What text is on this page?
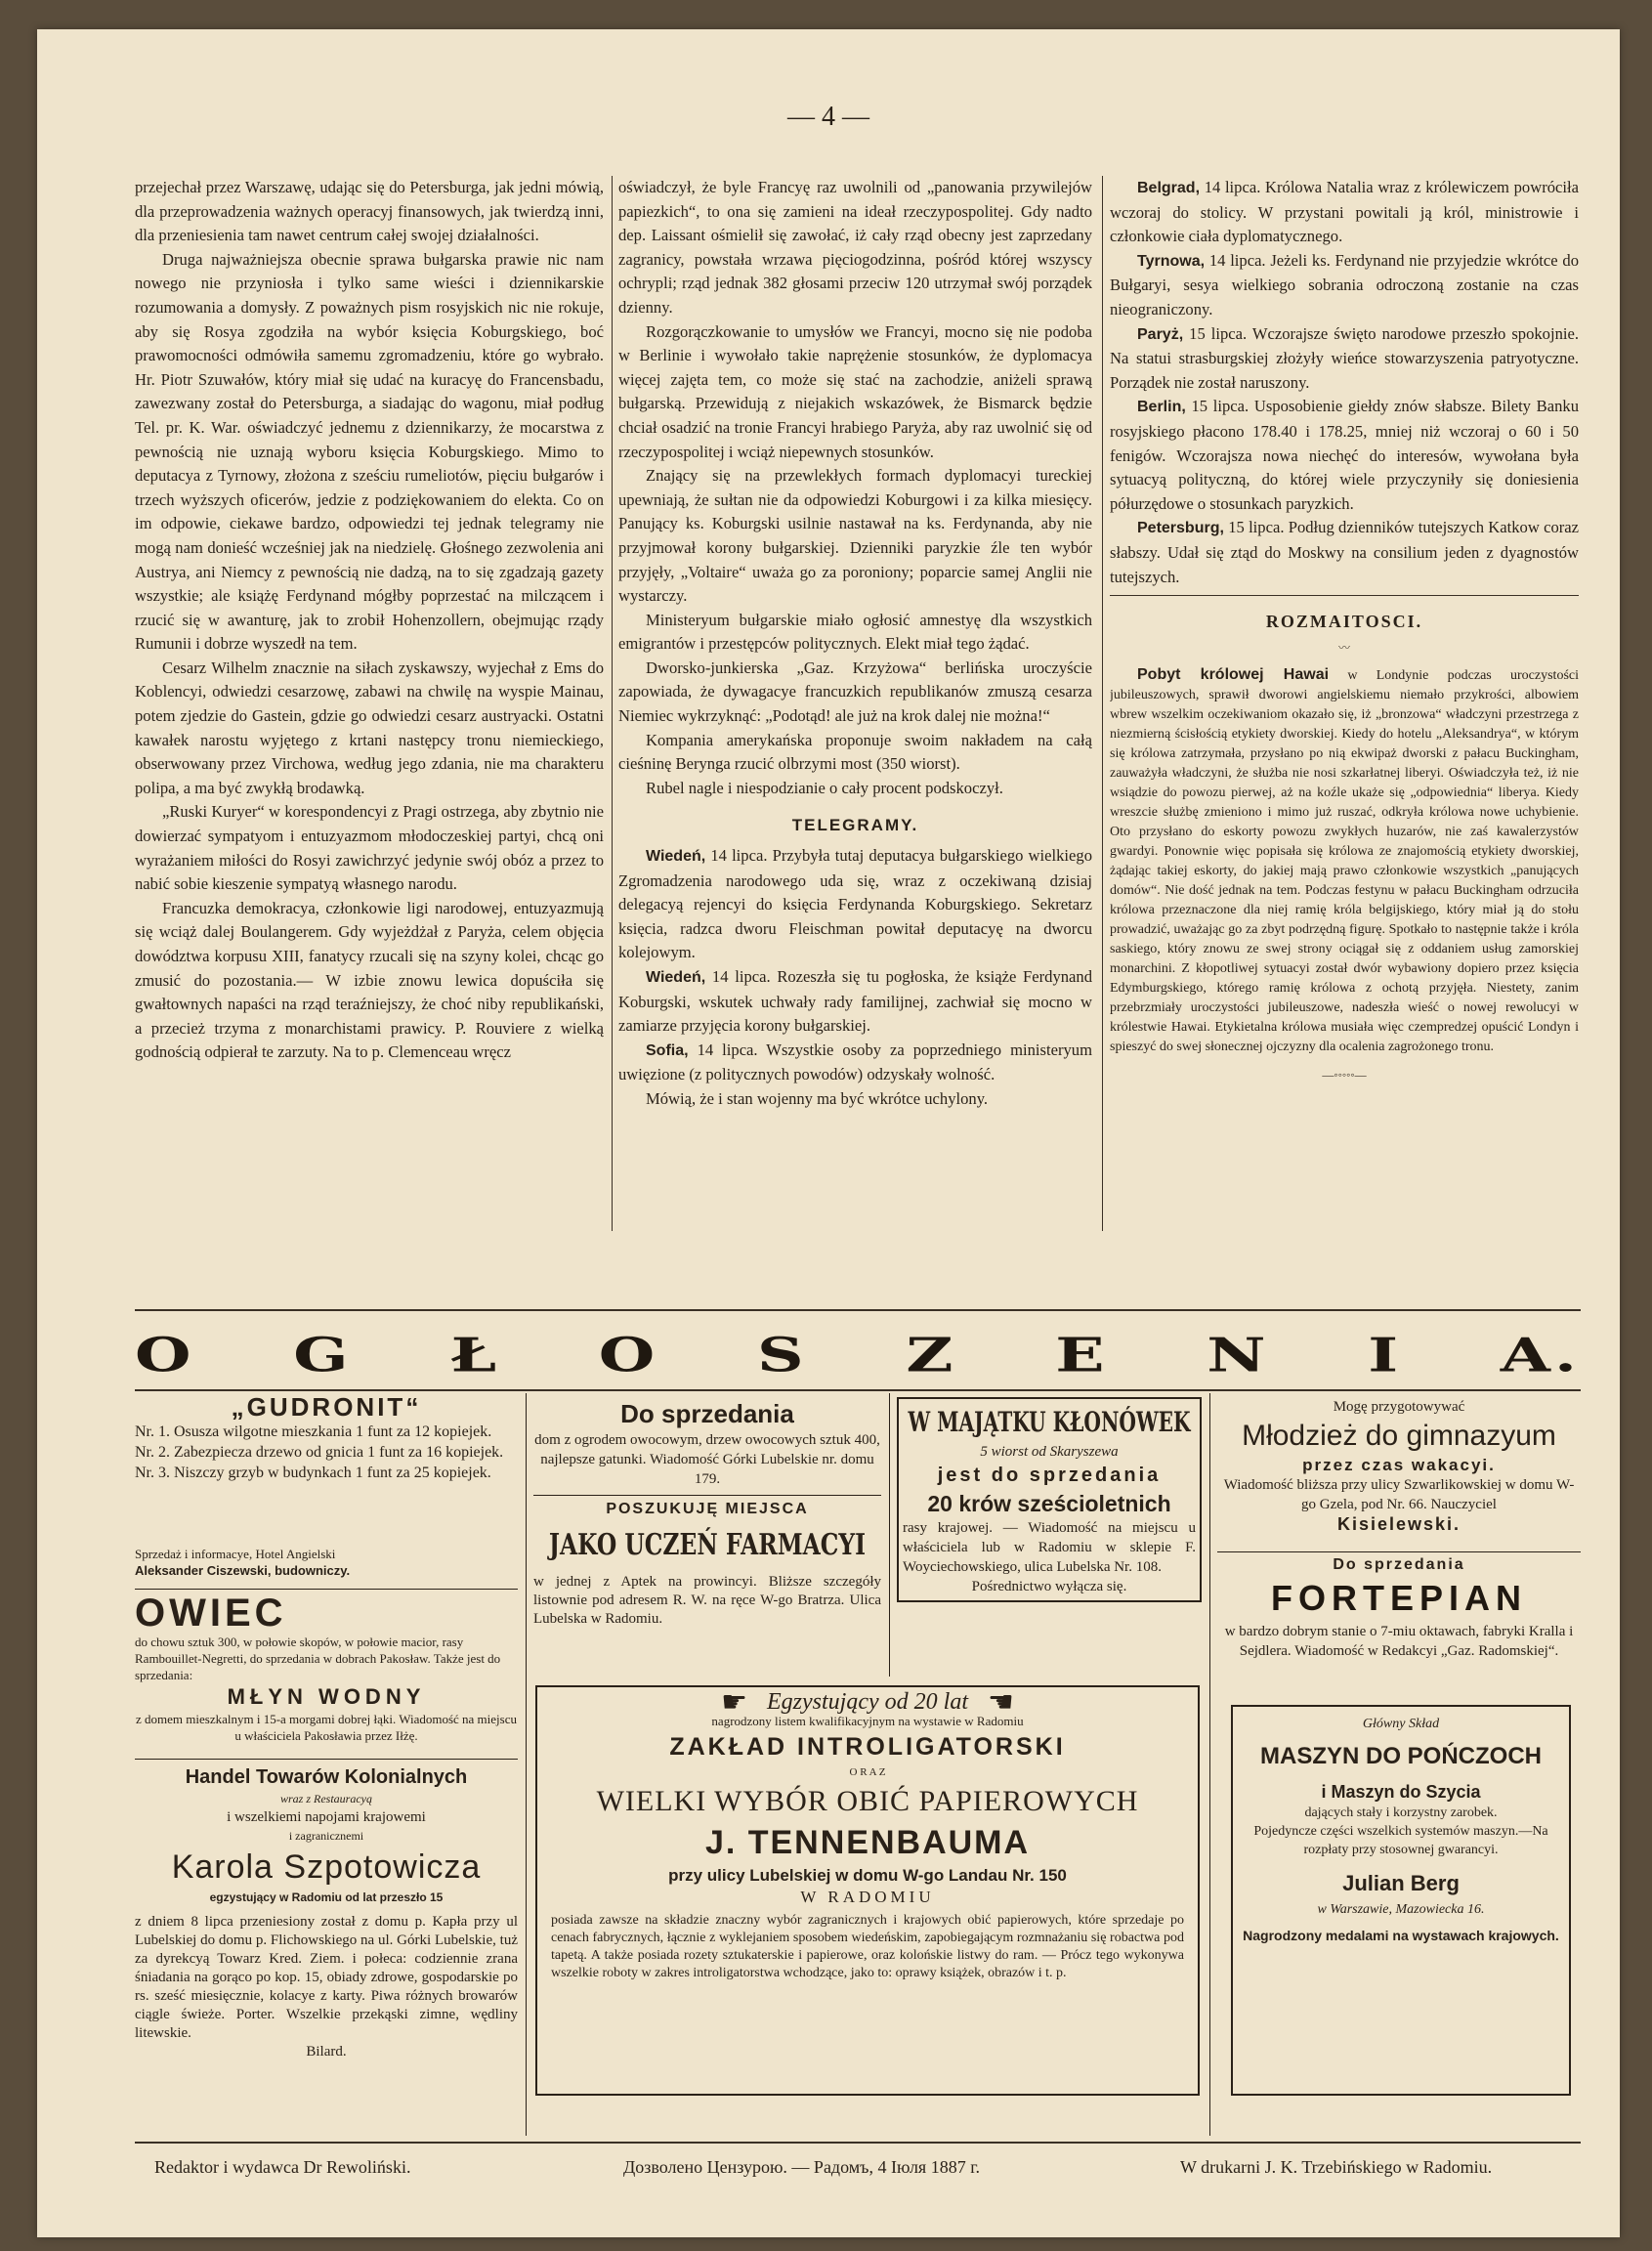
— 4 —

przejechał przez Warszawę, udając się do Petersburga, jak jedni mówią, dla przeprowadzenia ważnych operacyj finansowych, jak twierdzą inni, dla przeniesienia tam nawet centrum całej swojej działalności.

Druga najważniejsza obecnie sprawa bułgarska prawie nic nam nowego nie przyniosła i tylko same wieści i dziennikarskie rozumowania a domysły. Z poważnych pism rosyjskich nic nie rokuje, aby się Rosya zgodziła na wybór księcia Koburgskiego, boć prawomocności odmówiła samemu zgromadzeniu, które go wybrało. Hr. Piotr Szuwałów, który miał się udać na kuracyę do Francensbadu, zawezwany został do Petersburga, a siadając do wagonu, miał podług Tel. pr. K. War. oświadczyć jednemu z dziennikarzy, że mocarstwa z pewnością nie uznają wyboru księcia Koburgskiego. Mimo to deputacya z Tyrnowy, złożona z sześciu rumeliotów, pięciu bułgarów i trzech wyższych oficerów, jedzie z podziękowaniem do elekta. Co on im odpowie, ciekawe bardzo, odpowiedzi tej jednak telegramy nie mogą nam donieść wcześniej jak na niedzielę. Głośnego zezwolenia ani Austrya, ani Niemcy z pewnością nie dadzą, na to się zgadzają gazety wszystkie; ale książę Ferdynand mógłby poprzestać na milczącem i rzucić się w awanturę, jak to zrobił Hohenzollern, obejmując rządy Rumunii i dobrze wyszedł na tem.

Cesarz Wilhelm znacznie na siłach zyskawszy, wyjechał z Ems do Koblencyi, odwiedzi cesarzowę, zabawi na chwilę na wyspie Mainau, potem zjedzie do Gastein, gdzie go odwiedzi cesarz austryacki. Ostatni kawałek narostu wyjętego z krtani następcy tronu niemieckiego, obserwowany przez Virchowa, według jego zdania, nie ma charakteru polipa, a ma być zwykłą brodawką.

„Ruski Kuryer“ w korespondencyi z Pragi ostrzega, aby zbytnio nie dowierzać sympatyom i entuzyazmom młodoczeskiej partyi, chcą oni wyrażaniem miłości do Rosyi zawichrzyć jedynie swój obóz a przez to nabić sobie kieszenie sympatyą własnego narodu.

Francuzka demokracya, członkowie ligi narodowej, entuzyazmują się wciąż dalej Boulangerem. Gdy wyjeżdżał z Paryża, celem objęcia dowództwa korpusu XIII, fanatycy rzucali się na szyny kolei, chcąc go zmusić do pozostania.— W izbie znowu lewica dopuściła się gwałtownych napaści na rząd teraźniejszy, że choć niby republikański, a przecież trzyma z monarchistami prawicy. P. Rouviere z wielką godnością odpierał te zarzuty. Na to p. Clemenceau wręcz

oświadczył, że byle Francyę raz uwolnili od „panowania przywilejów papiezkich“, to ona się zamieni na ideał rzeczypospolitej. Gdy nadto dep. Laissant ośmielił się zawołać, iż cały rząd obecny jest zaprzedany zagranicy, powstała wrzawa pięciogodzinna, pośród której wszyscy ochrypli; rząd jednak 382 głosami przeciw 120 utrzymał swój porządek dzienny.

Rozgorączkowanie to umysłów we Francyi, mocno się nie podoba w Berlinie i wywołało takie naprężenie stosunków, że dyplomacya więcej zajęta tem, co może się stać na zachodzie, aniżeli sprawą bułgarską. Przewidują z niejakich wskazówek, że Bismarck będzie chciał osadzić na tronie Francyi hrabiego Paryża, aby raz uwolnić się od rzeczypospolitej i wciąż niepewnych stosunków.

Znający się na przewlekłych formach dyplomacyi tureckiej upewniają, że sułtan nie da odpowiedzi Koburgowi i za kilka miesięcy. Panujący ks. Koburgski usilnie nastawał na ks. Ferdynanda, aby nie przyjmował korony bułgarskiej. Dzienniki paryzkie źle ten wybór przyjęły, „Voltaire“ uważa go za poroniony; poparcie samej Anglii nie wystarczy.

Ministeryum bułgarskie miało ogłosić amnestyę dla wszystkich emigrantów i przestępców politycznych. Elekt miał tego żądać.

Dworsko-junkierska „Gaz. Krzyżowa“ berlińska uroczyście zapowiada, że dywagacye francuzkich republikanów zmuszą cesarza Niemiec wykrzyknąć: „Podotąd! ale już na krok dalej nie można!“

Kompania amerykańska proponuje swoim nakładem na całą cieśninę Berynga rzucić olbrzymi most (350 wiorst).

Rubel nagle i niespodzianie o cały procent podskoczył.

TELEGRAMY.

Wiedeń, 14 lipca. Przybyła tutaj deputacya bułgarskiego wielkiego Zgromadzenia narodowego uda się, wraz z oczekiwaną dzisiaj delegacyą rejencyi do księcia Ferdynanda Koburgskiego. Sekretarz księcia, radzca dworu Fleischman powitał deputacyę na dworcu kolejowym.

Wiedeń, 14 lipca. Rozeszła się tu pogłoska, że książe Ferdynand Koburgski, wskutek uchwały rady familijnej, zachwiał się mocno w zamiarze przyjęcia korony bułgarskiej.

Sofia, 14 lipca. Wszystkie osoby za poprzedniego ministeryum uwięzione (z politycznych powodów) odzyskały wolność.

Mówią, że i stan wojenny ma być wkrótce uchylony.

Belgrad, 14 lipca. Królowa Natalia wraz z królewiczem powróciła wczoraj do stolicy. W przystani powitali ją król, ministrowie i członkowie ciała dyplomatycznego.

Tyrnowa, 14 lipca. Jeżeli ks. Ferdynand nie przyjedzie wkrótce do Bułgaryi, sesya wielkiego sobrania odroczoną zostanie na czas nieograniczony.

Paryż, 15 lipca. Wczorajsze święto narodowe przeszło spokojnie. Na statui strasburgskiej złożyły wieńce stowarzyszenia patryotyczne. Porządek nie został naruszony.

Berlin, 15 lipca. Usposobienie giełdy znów słabsze. Bilety Banku rosyjskiego płacono 178.40 i 178.25, mniej niż wczoraj o 60 i 50 fenigów. Wczorajsza nowa niechęć do interesów, wywołana była sytuacyą polityczną, do której wiele przyczyniły się doniesienia półurzędowe o stosunkach paryzkich.

Petersburg, 15 lipca. Podług dzienników tutejszych Katkow coraz słabszy. Udał się ztąd do Moskwy na consilium jeden z dyagnostów tutejszych.

ROZMAITOSCI.

〰

Pobyt królowej Hawai w Londynie podczas uroczystości jubileuszowych, sprawił dworowi angielskiemu niemało przykrości, albowiem wbrew wszelkim oczekiwaniom okazało się, iż „bronzowa“ władczyni przestrzega z niezmierną ścisłością etykiety dworskiej. Kiedy do hotelu „Aleksandrya“, w którym się królowa zatrzymała, przysłano po nią ekwipaż dworski z pałacu Buckingham, zauważyła władczyni, że służba nie nosi szkarłatnej liberyi. Oświadczyła też, iż nie wsiądzie do powozu pierwej, aż na koźle ukaże się „odpowiednia“ liberya. Kiedy wreszcie służbę zmieniono i mimo już ruszać, odkryła królowa nowe uchybienie. Oto przysłano do eskorty powozu zwykłych huzarów, nie zaś kawalerzystów gwardyi. Ponownie więc popisała się królowa ze znajomością etykiety dworskiej, żądając takiej eskorty, do jakiej mają prawo członkowie wszystkich „panujących domów“. Nie dość jednak na tem. Podczas festynu w pałacu Buckingham odrzuciła królowa przeznaczone dla niej ramię króla belgijskiego, który miał ją do stołu prowadzić, uważając go za zbyt podrzędną figurę. Spotkało to następnie także i króla saskiego, który znowu ze swej strony ociągał się z oddaniem usług zamorskiej monarchini. Z kłopotliwej sytuacyi został dwór wybawiony dopiero przez księcia Edymburgskiego, którego ramię królowa z ochotą przyjęła. Niestety, zanim przebrzmiały uroczystości jubileuszowe, nadeszła wieść o nowej rewolucyi w królestwie Hawai. Etykietalna królowa musiała więc czempredzej opuścić Londyn i spieszyć do swej słonecznej ojczyzny dla ocalenia zagrożonego tronu.

—◦◦◦◦◦—
O G Ł O S Z E N I A.
„GUDRONIT“
Nr. 1. Osusza wilgotne mieszkania 1 funt za 12 kopiejek.
Nr. 2. Zabezpiecza drzewo od gnicia 1 funt za 16 kopiejek.
Nr. 3. Niszczy grzyb w budynkach 1 funt za 25 kopiejek.
Sprzedaż i informacye, Hotel Angielski
Aleksander Ciszewski, budowniczy.
OWIEC
do chowu sztuk 300, w połowie skopów, w połowie macior, rasy Rambouillet-Negretti, do sprzedania w dobrach Pakosław. Także jest do sprzedania:
MŁYN WODNY
z domem mieszkalnym i 15-a morgami dobrej łąki. Wiadomość na miejscu u właściciela Pakosławia przez Iłżę.
Handel Towarów Kolonialnych
wraz z Restauracyą
i wszelkiemi napojami krajowemi
i zagranicznemi
Karola Szpotowicza
egzystujący w Radomiu od lat przeszło 15
z dniem 8 lipca przeniesiony został z domu p. Kapła przy ul Lubelskiej do domu p. Flichowskiego na ul. Górki Lubelskie, tuż za dyrekcyą Towarz Kred. Ziem. i połeca: codziennie zrana śniadania na gorąco po kop. 15, obiady zdrowe, gospodarskie po rs. sześć miesięcznie, kolacye z karty. Piwa różnych browarów ciągle świeże. Porter. Wszelkie przekąski zimne, wędliny litewskie.
Bilard.
Do sprzedania
dom z ogrodem owocowym, drzew owocowych sztuk 400, najlepsze gatunki. Wiadomość Górki Lubelskie nr. domu 179.
POSZUKUJĘ MIEJSCA
JAKO UCZEŃ FARMACYI
w jednej z Aptek na prowincyi. Bliższe szczegóły listownie pod adresem R. W. na ręce W-go Bratrza. Ulica Lubelska w Radomiu.
W MAJĄTKU KŁONÓWEK
5 wiorst od Skaryszewa
jest do sprzedania
20 krów sześcioletnich
rasy krajowej. — Wiadomość na miejscu u właściciela lub w Radomiu w sklepie F. Woyciechowskiego, ulica Lubelska Nr. 108.
Pośrednictwo wyłącza się.
☛ Egzystujący od 20 lat ☚
nagrodzony listem kwalifikacyjnym na wystawie w Radomiu
ZAKŁAD INTROLIGATORSKI
O R A Z
WIELKI WYBÓR OBIĆ PAPIEROWYCH
J. TENNENBAUMA
przy ulicy Lubelskiej w domu W-go Landau Nr. 150
W RADOMIU
posiada zawsze na składzie znaczny wybór zagranicznych i krajowych obić papierowych, które sprzedaje po cenach fabrycznych, łącznie z wyklejaniem sposobem wiedeńskim, zapobiegającym rozmnażaniu się robactwa pod tapetą. A także posiada rozety sztukaterskie i papierowe, oraz kolońskie listwy do ram. — Prócz tego wykonywa wszelkie roboty w zakres introligatorstwa wchodzące, jako to: oprawy książek, obrazów i t. p.
Mogę przygotowywać
Młodzież do gimnazyum
przez czas wakacyi.
Wiadomość bliższa przy ulicy Szwarlikowskiej w domu W-go Gzela, pod Nr. 66. Nauczyciel
Kisielewski.
Do sprzedania
FORTEPIAN
w bardzo dobrym stanie o 7-miu oktawach, fabryki Kralla i Sejdlera. Wiadomość w Redakcyi „Gaz. Radomskiej“.
Główny Skład
MASZYN DO POŃCZOCH
i Maszyn do Szycia
dających stały i korzystny zarobek.
Pojedyncze części wszelkich systemów maszyn.—Na rozpłaty przy stosownej gwarancyi.
Julian Berg
w Warszawie, Mazowiecka 16.
Nagrodzony medalami na wystawach krajowych.
Redaktor i wydawca Dr Rewoliński.	Дозволено Цензурою. — Радомъ, 4 Іюля 1887 г.	W drukarni J. K. Trzebińskiego w Radomiu.
